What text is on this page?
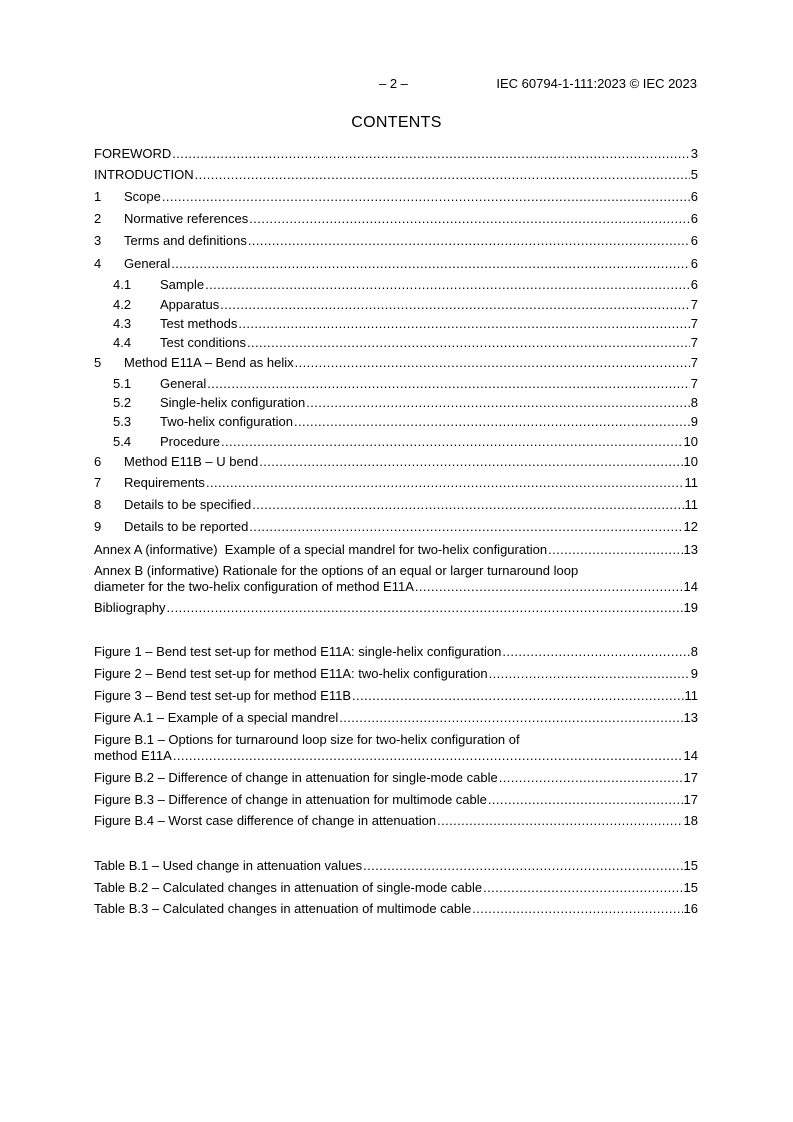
– 2 –	IEC 60794-1-111:2023 © IEC 2023
CONTENTS
FOREWORD .....	3
INTRODUCTION .....	5
1	Scope .....	6
2	Normative references .....	6
3	Terms and definitions .....	6
4	General .....	6
4.1	Sample .....	6
4.2	Apparatus .....	7
4.3	Test methods .....	7
4.4	Test conditions .....	7
5	Method E11A – Bend as helix .....	7
5.1	General .....	7
5.2	Single-helix configuration .....	8
5.3	Two-helix configuration .....	9
5.4	Procedure .....	10
6	Method E11B – U bend .....	10
7	Requirements .....	11
8	Details to be specified .....	11
9	Details to be reported .....	12
Annex A (informative)  Example of a special mandrel for two-helix configuration .....	13
Annex B (informative) Rationale for the options of an equal or larger turnaround loop
diameter for the two-helix configuration of method E11A .....	14
Bibliography .....	19
Figure 1 – Bend test set-up for method E11A: single-helix configuration .....	8
Figure 2 – Bend test set-up for method E11A: two-helix configuration .....	9
Figure 3 – Bend test set-up for method E11B .....	11
Figure A.1 – Example of a special mandrel .....	13
Figure B.1 – Options for turnaround loop size for two-helix configuration of
method E11A .....	14
Figure B.2 – Difference of change in attenuation for single-mode cable .....	17
Figure B.3 – Difference of change in attenuation for multimode cable .....	17
Figure B.4 – Worst case difference of change in attenuation .....	18
Table B.1 – Used change in attenuation values .....	15
Table B.2 – Calculated changes in attenuation of single-mode cable .....	15
Table B.3 – Calculated changes in attenuation of multimode cable .....	16
